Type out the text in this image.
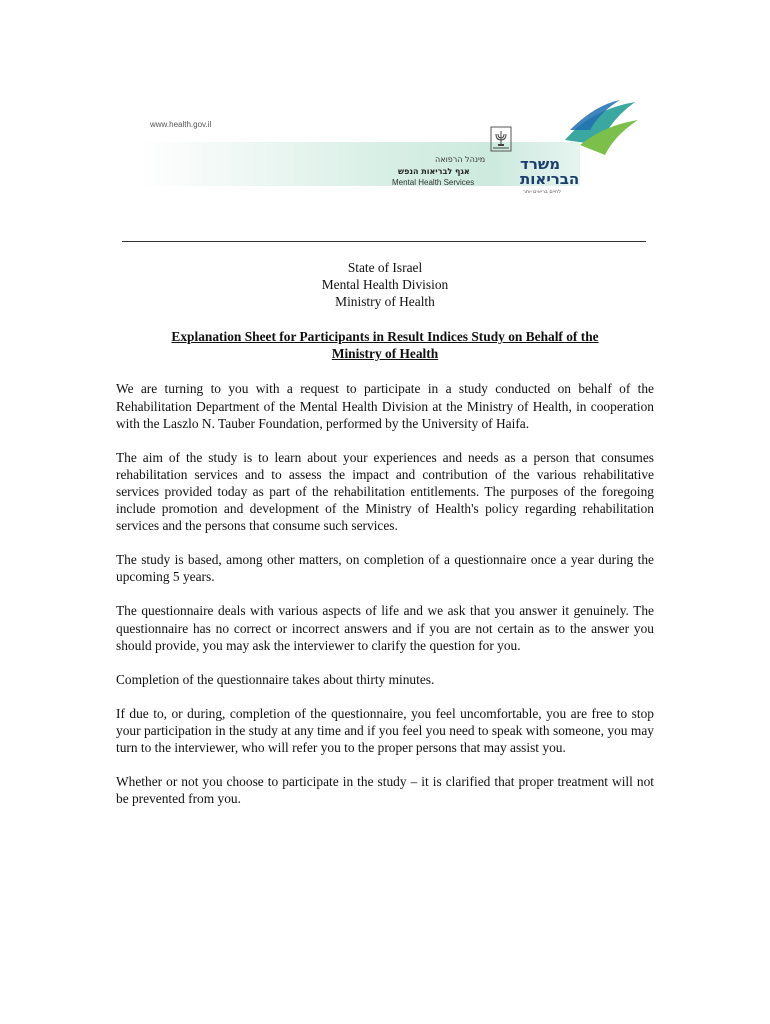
www.health.gov.il
מינהל הרפואה
אגף לבריאות הנפש
Mental Health Services
משרד
הבריאות
לחיים בריאים יותר
State of Israel
Mental Health Division
Ministry of Health
Explanation Sheet for Participants in Result Indices Study on Behalf of the
Ministry of Health

We are turning to you with a request to participate in a study conducted on behalf of the Rehabilitation Department of the Mental Health Division at the Ministry of Health, in cooperation with the Laszlo N. Tauber Foundation, performed by the University of Haifa.

The aim of the study is to learn about your experiences and needs as a person that consumes rehabilitation services and to assess the impact and contribution of the various rehabilitative services provided today as part of the rehabilitation entitlements. The purposes of the foregoing include promotion and development of the Ministry of Health's policy regarding rehabilitation services and the persons that consume such services.

The study is based, among other matters, on completion of a questionnaire once a year during the upcoming 5 years.

The questionnaire deals with various aspects of life and we ask that you answer it genuinely. The questionnaire has no correct or incorrect answers and if you are not certain as to the answer you should provide, you may ask the interviewer to clarify the question for you.

Completion of the questionnaire takes about thirty minutes.

If due to, or during, completion of the questionnaire, you feel uncomfortable, you are free to stop your participation in the study at any time and if you feel you need to speak with someone, you may turn to the interviewer, who will refer you to the proper persons that may assist you.

Whether or not you choose to participate in the study – it is clarified that proper treatment will not be prevented from you.
